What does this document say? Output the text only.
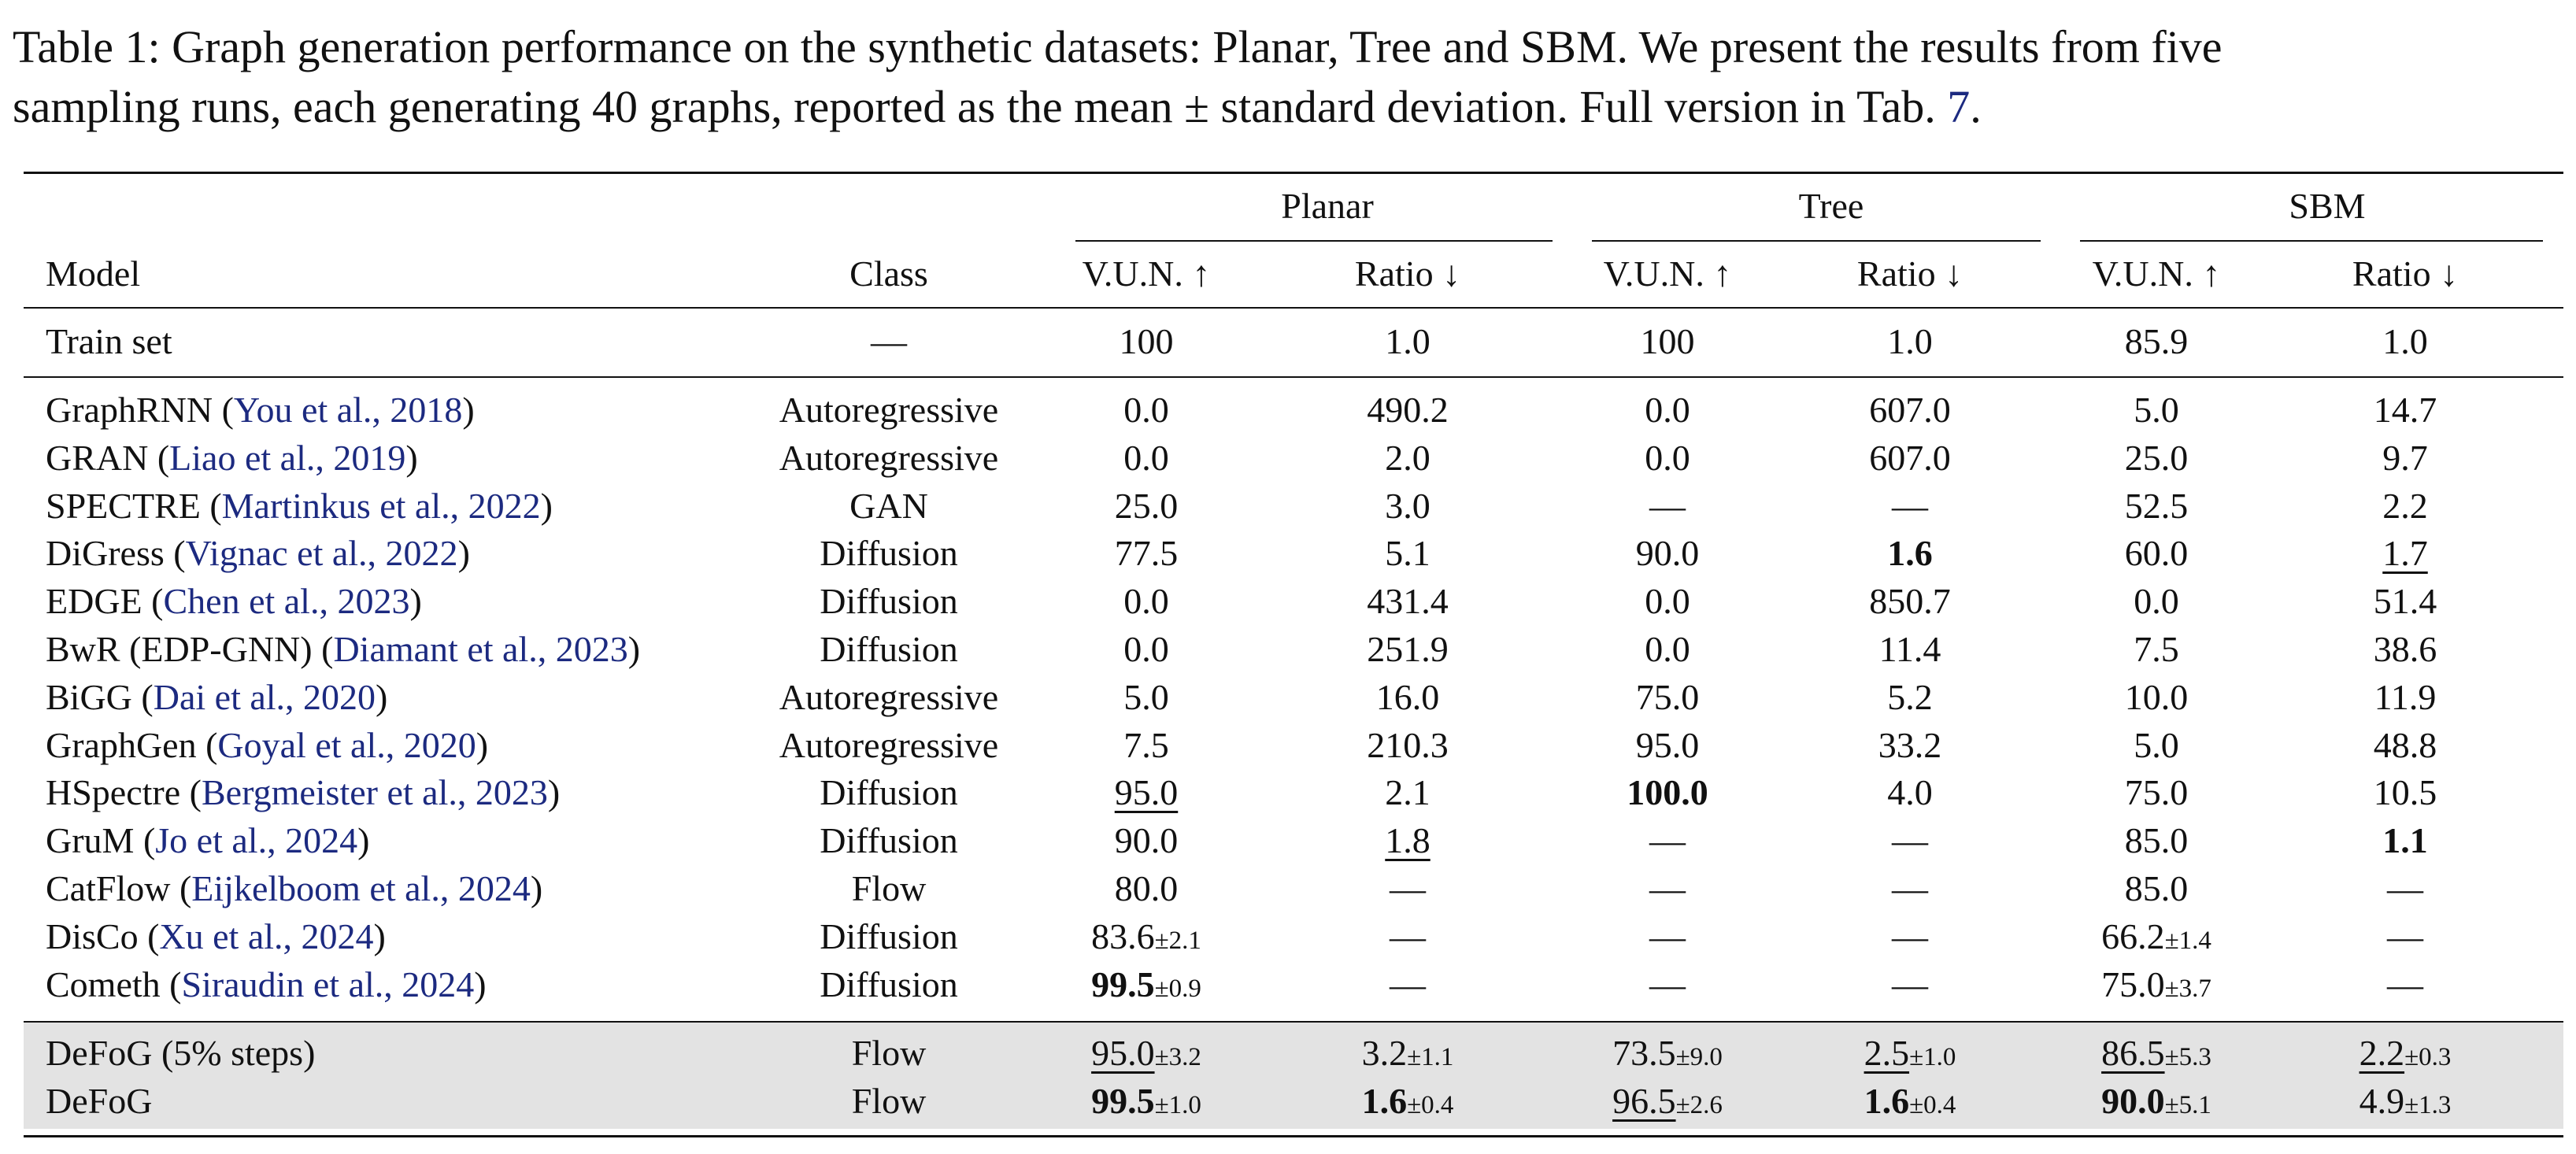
Table 1: Graph generation performance on the synthetic datasets: Planar, Tree and SBM. We present the results from five
sampling runs, each generating 40 graphs, reported as the mean ± standard deviation. Full version in Tab. 7.
Planar	Tree	SBM
Model	Class	V.U.N. ↑	Ratio ↓	V.U.N. ↑	Ratio ↓	V.U.N. ↑	Ratio ↓
Train set	—	100	1.0	100	1.0	85.9	1.0
GraphRNN (You et al., 2018)	Autoregressive	0.0	490.2	0.0	607.0	5.0	14.7
GRAN (Liao et al., 2019)	Autoregressive	0.0	2.0	0.0	607.0	25.0	9.7
SPECTRE (Martinkus et al., 2022)	GAN	25.0	3.0	—	—	52.5	2.2
DiGress (Vignac et al., 2022)	Diffusion	77.5	5.1	90.0	1.6	60.0	1.7
EDGE (Chen et al., 2023)	Diffusion	0.0	431.4	0.0	850.7	0.0	51.4
BwR (EDP-GNN) (Diamant et al., 2023)	Diffusion	0.0	251.9	0.0	11.4	7.5	38.6
BiGG (Dai et al., 2020)	Autoregressive	5.0	16.0	75.0	5.2	10.0	11.9
GraphGen (Goyal et al., 2020)	Autoregressive	7.5	210.3	95.0	33.2	5.0	48.8
HSpectre (Bergmeister et al., 2023)	Diffusion	95.0	2.1	100.0	4.0	75.0	10.5
GruM (Jo et al., 2024)	Diffusion	90.0	1.8	—	—	85.0	1.1
CatFlow (Eijkelboom et al., 2024)	Flow	80.0	—	—	—	85.0	—
DisCo (Xu et al., 2024)	Diffusion	83.6±2.1	—	—	—	66.2±1.4	—
Cometh (Siraudin et al., 2024)	Diffusion	99.5±0.9	—	—	—	75.0±3.7	—
DeFoG (5% steps)	Flow	95.0±3.2	3.2±1.1	73.5±9.0	2.5±1.0	86.5±5.3	2.2±0.3
DeFoG	Flow	99.5±1.0	1.6±0.4	96.5±2.6	1.6±0.4	90.0±5.1	4.9±1.3
